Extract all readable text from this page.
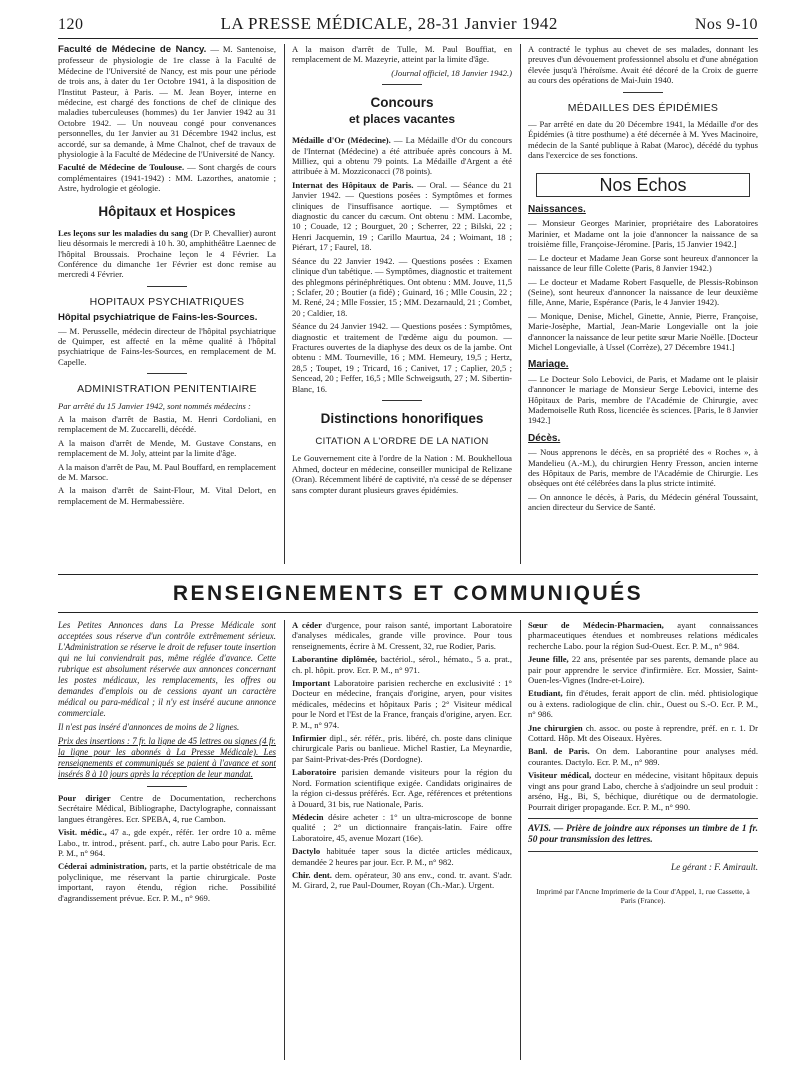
120	LA PRESSE MÉDICALE, 28-31 Janvier 1942	Nos 9-10

Faculté de Médecine de Nancy. — M. Santenoise, professeur de physiologie de 1re classe à la Faculté de Médecine de l'Université de Nancy, est mis pour une période de trois ans, à dater du 1er Octobre 1941, à la disposition de l'Institut Pasteur, à Paris. — M. Jean Boyer, interne en médecine, est chargé des fonctions de chef de clinique des maladies tuberculeuses (hommes) du 1er Janvier 1942 au 31 Octobre 1942. — Un nouveau congé pour convenances personnelles, du 1er Janvier au 31 Décembre 1942 inclus, est accordé, sur sa demande, à Mme Chalnot, chef de travaux de physiologie à la Faculté de Médecine de l'Université de Nancy.

Faculté de Médecine de Toulouse. — Sont chargés de cours complémentaires (1941-1942) : MM. Lazorthes, anatomie ; Astre, hydrologie et géologie.

Hôpitaux et Hospices

Les leçons sur les maladies du sang (Dr P. Chevallier) auront lieu désormais le mercredi à 10 h. 30, amphithéâtre Laennec de l'hôpital Broussais. Prochaine leçon le 4 Février. La Conférence du dimanche 1er Février est donc remise au mercredi 4 Février.

HOPITAUX PSYCHIATRIQUES
Hôpital psychiatrique de Fains-les-Sources.

— M. Perusselle, médecin directeur de l'hôpital psychiatrique de Quimper, est affecté en la même qualité à l'hôpital psychiatrique de Fains-les-Sources, en remplacement de M. Capelle.

ADMINISTRATION PENITENTIAIRE

Par arrêté du 15 Janvier 1942, sont nommés médecins :

A la maison d'arrêt de Bastia, M. Henri Cordoliani, en remplacement de M. Zuccarelli, décédé.

A la maison d'arrêt de Mende, M. Gustave Constans, en remplacement de M. Joly, atteint par la limite d'âge.

A la maison d'arrêt de Pau, M. Paul Bouffard, en remplacement de M. Marsoc.

A la maison d'arrêt de Saint-Flour, M. Vital Delort, en remplacement de M. Hermabessière.

A la maison d'arrêt de Tulle, M. Paul Bouffiat, en remplacement de M. Mazeyrie, atteint par la limite d'âge.

(Journal officiel, 18 Janvier 1942.)

Concours
et places vacantes

Médaille d'Or (Médecine). — La Médaille d'Or du concours de l'Internat (Médecine) a été attribuée après concours à M. Milliez, qui a obtenu 79 points. La Médaille d'Argent a été attribuée à M. Mozziconacci (78 points).

Internat des Hôpitaux de Paris. — Oral. — Séance du 21 Janvier 1942. — Questions posées : Symptômes et formes cliniques de l'insuffisance aortique. — Symptômes et diagnostic du cancer du cæcum. Ont obtenu : MM. Lacombe, 10 ; Couade, 12 ; Bourguet, 20 ; Scherrer, 22 ; Bilski, 22 ; Henri Jacquemin, 19 ; Carillo Maurtua, 24 ; Woimant, 18 ; Piérart, 17 ; Faurel, 18.

Séance du 22 Janvier 1942. — Questions posées : Examen clinique d'un tabétique. — Symptômes, diagnostic et traitement des phlegmons périnéphrétiques. Ont obtenu : MM. Jouve, 11,5 ; Sclafer, 20 ; Boutier (a fidé) ; Guinard, 16 ; Mlle Cousin, 22 ; M. René, 24 ; Mlle Fossier, 15 ; MM. Dezarnauld, 21 ; Combet, 20 ; Caldier, 18.

Séance du 24 Janvier 1942. — Questions posées : Symptômes, diagnostic et traitement de l'œdème aigu du poumon. — Fractures ouvertes de la diaphyse des deux os de la jambe. Ont obtenu : MM. Tourneville, 16 ; MM. Hemeury, 19,5 ; Hertz, 28,5 ; Toupet, 19 ; Tricard, 16 ; Canivet, 17 ; Caplier, 20,5 ; Sencead, 20 ; Feffer, 16,5 ; Mlle Schweigsuth, 27 ; M. Sibertin-Blanc, 16.

Distinctions honorifiques
CITATION A L'ORDRE DE LA NATION

Le Gouvernement cite à l'ordre de la Nation : M. Boukhelloua Ahmed, docteur en médecine, conseiller municipal de Relizane (Oran). Récemment libéré de captivité, n'a cessé de se dépenser sans compter durant plusieurs graves épidémies.

A contracté le typhus au chevet de ses malades, donnant les preuves d'un dévouement professionnel absolu et d'une abnégation élevée jusqu'à l'héroïsme. Avait été décoré de la Croix de guerre au cours des opérations de Mai-Juin 1940.

MÉDAILLES DES ÉPIDÉMIES

— Par arrêté en date du 20 Décembre 1941, la Médaille d'or des Épidémies (à titre posthume) a été décernée à M. Yves Macinoire, médecin de la Santé publique à Rabat (Maroc), décédé du typhus dans l'exercice de ses fonctions.

Nos Echos
Naissances.

— Monsieur Georges Marinier, propriétaire des Laboratoires Marinier, et Madame ont la joie d'annoncer la naissance de sa troisième fille, Françoise-Jéromine. [Paris, 15 Janvier 1942.]

— Le docteur et Madame Jean Gorse sont heureux d'annoncer la naissance de leur fille Colette (Paris, 8 Janvier 1942.)

— Le docteur et Madame Robert Fasquelle, de Plessis-Robinson (Seine), sont heureux d'annoncer la naissance de leur deuxième fille, Anne, Marie, Espérance (Paris, le 4 Janvier 1942).

— Monique, Denise, Michel, Ginette, Annie, Pierre, Françoise, Marie-Josèphe, Martial, Jean-Marie Longevialle ont la joie d'annoncer la naissance de leur petite sœur Marie Noëlle. [Docteur Michel Longevialle, à Ussel (Corrèze), 27 Décembre 1941.]

Mariage.

— Le Docteur Solo Lebovici, de Paris, et Madame ont le plaisir d'annoncer le mariage de Monsieur Serge Lebovici, interne des Hôpitaux de Paris, membre de l'Académie de Chirurgie, avec Mademoiselle Ruth Ross, licenciée ès sciences. [Paris, le 8 Janvier 1942.]

Décès.

— Nous apprenons le décès, en sa propriété des « Roches », à Mandelieu (A.-M.), du chirurgien Henry Fresson, ancien interne des Hôpitaux de Paris, membre de l'Académie de Chirurgie. Les obsèques ont été célébrées dans la plus stricte intimité.

— On annonce le décès, à Paris, du Médecin général Toussaint, ancien directeur du Service de Santé.

RENSEIGNEMENTS ET COMMUNIQUÉS

Les Petites Annonces dans La Presse Médicale sont acceptées sous réserve d'un contrôle extrêmement sérieux. L'Administration se réserve le droit de refuser toute insertion qui ne lui conviendrait pas, même réglée d'avance. Cette rubrique est absolument réservée aux annonces concernant les postes médicaux, les remplacements, les offres ou demandes d'emplois ou de cessions ayant un caractère médical ou para-médical ; il n'y est inséré aucune annonce commerciale.

Il n'est pas inséré d'annonces de moins de 2 lignes.

Prix des insertions : 7 fr. la ligne de 45 lettres ou signes (4 fr. la ligne pour les abonnés à La Presse Médicale). Les renseignements et communiqués se paient à l'avance et sont insérés 8 à 10 jours après la réception de leur mandat.

Pour diriger Centre de Documentation, recherchons Secrétaire Médical, Bibliographe, Dactylographe, connaissant langues étrangères. Ecr. SPEBA, 4, rue Cambon.

Visit. médic., 47 a., gde expér., référ. 1er ordre 10 a. même Labo., tr. introd., présent. parf., ch. autre Labo pour Paris. Ecr. P. M., n° 964.

Céderai administration, parts, et la partie obstétricale de ma polyclinique, me réservant la partie chirurgicale. Poste important, rayon étendu, région riche. Possibilité d'agrandissement prévue. Ecr. P. M., n° 969.

A céder d'urgence, pour raison santé, important Laboratoire d'analyses médicales, grande ville province. Pour tous renseignements, écrire à M. Cressent, 32, rue Rodier, Paris.

Laborantine diplômée, bactériol., sérol., hémato., 5 a. prat., ch. pl. hôpit. prov. Ecr. P. M., n° 971.

Important Laboratoire parisien recherche en exclusivité : 1° Docteur en médecine, français d'origine, aryen, pour visites médicales, médecins et hôpitaux Paris ; 2° Visiteur médical pour le Nord et l'Est de la France, français d'origine, aryen. Ecr. P. M., n° 974.

Infirmier dipl., sér. référ., pris. libéré, ch. poste dans clinique chirurgicale Paris ou banlieue. Michel Rastier, La Meynardie, par Saint-Privat-des-Prés (Dordogne).

Laboratoire parisien demande visiteurs pour la région du Nord. Formation scientifique exigée. Candidats originaires de la région ci-dessus préférés. Ecr. Age, références et prétentions à Douard, 31 bis, rue Nationale, Paris.

Médecin désire acheter : 1° un ultra-microscope de bonne qualité ; 2° un dictionnaire français-latin. Faire offre Laboratoire, 45, avenue Mozart (16e).

Dactylo habituée taper sous la dictée articles médicaux, demandée 2 heures par jour. Ecr. P. M., n° 982.

Chir. dent. dem. opérateur, 30 ans env., cond. tr. avant. S'adr. M. Girard, 2, rue Paul-Doumer, Royan (Ch.-Mar.). Urgent.

Sœur de Médecin-Pharmacien, ayant connaissances pharmaceutiques étendues et nombreuses relations médicales recherche Labo. pour la région Sud-Ouest. Ecr. P. M., n° 984.

Jeune fille, 22 ans, présentée par ses parents, demande place au pair pour apprendre le service d'infirmière. Ecr. Mossier, Saint-Ouen-les-Vignes (Indre-et-Loire).

Etudiant, fin d'études, ferait apport de clin. méd. phtisiologique ou à extens. radiologique de clin. chir., Ouest ou S.-O. Ecr. P. M., n° 986.

Jne chirurgien ch. assoc. ou poste à reprendre, préf. en r. 1. Dr Cottard. Hôp. Mt des Oiseaux. Hyères.

Banl. de Paris. On dem. Laborantine pour analyses méd. courantes. Dactylo. Ecr. P. M., n° 989.

Visiteur médical, docteur en médecine, visitant hôpitaux depuis vingt ans pour grand Labo, cherche à s'adjoindre un seul produit : arséno, Hg., Bi, S, béchique, diurétique ou de dermatologie. Pourrait diriger propagande. Ecr. P. M., n° 990.

AVIS. — Prière de joindre aux réponses un timbre de 1 fr. 50 pour transmission des lettres.
Le gérant : F. Amirault.
Imprimé par l'Ancne Imprimerie de la Cour d'Appel, 1, rue Cassette, à Paris (France).
